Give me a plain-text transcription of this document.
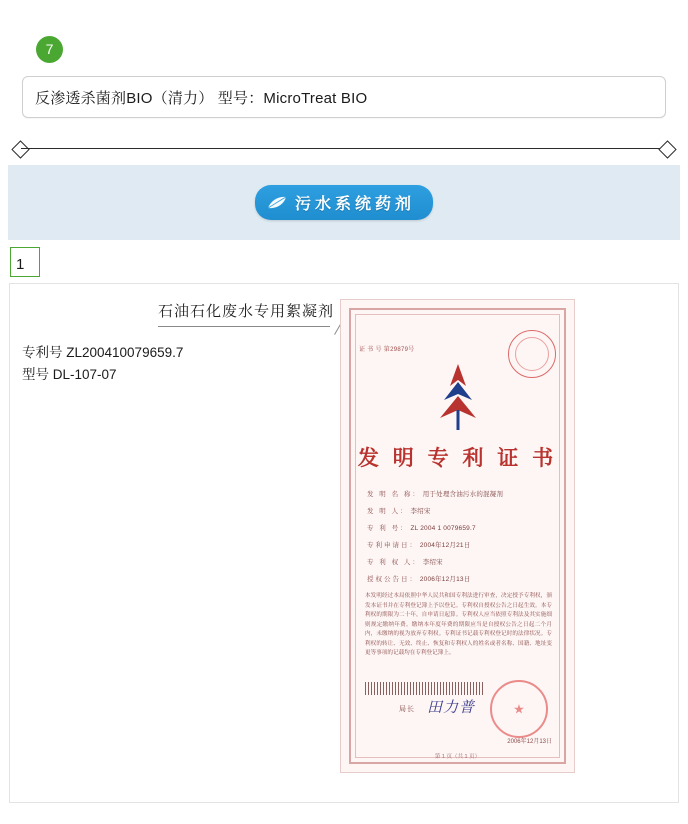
7
反渗透杀菌剂BIO（清力） 型号：MicroTreat BIO
污水系统药剂
1
石油石化废水专用絮凝剂
专利号 ZL200410079659.7
型号 DL-107-07
证 书 号 第29879号
发 明 专 利 证 书
发 明 名 称： 用于处理含油污水的混凝剂
发 明 人： 李绍宋
专 利 号： ZL 2004 1 0079659.7
专利申请日： 2004年12月21日
专 利 权 人： 李绍宋
授权公告日： 2006年12月13日
本发明经过本局依照中华人民共和国专利法进行审查，决定授予专利权，颁发本证书并在专利登记簿上予以登记。专利权自授权公告之日起生效。本专利权的期限为二十年，自申请日起算。专利权人应当依照专利法及其实施细则规定缴纳年费。缴纳本年度年费的期限应当是自授权公告之日起二个月内，未缴纳的视为放弃专利权。专利证书记载专利权登记时的法律状况。专利权的转让、无效、终止、恢复和专利权人的姓名或者名称、国籍、地址变更等事项的记载均在专利登记簿上。
局长 田力普	★
2006年12月13日
第 1 页（共 1 页）
